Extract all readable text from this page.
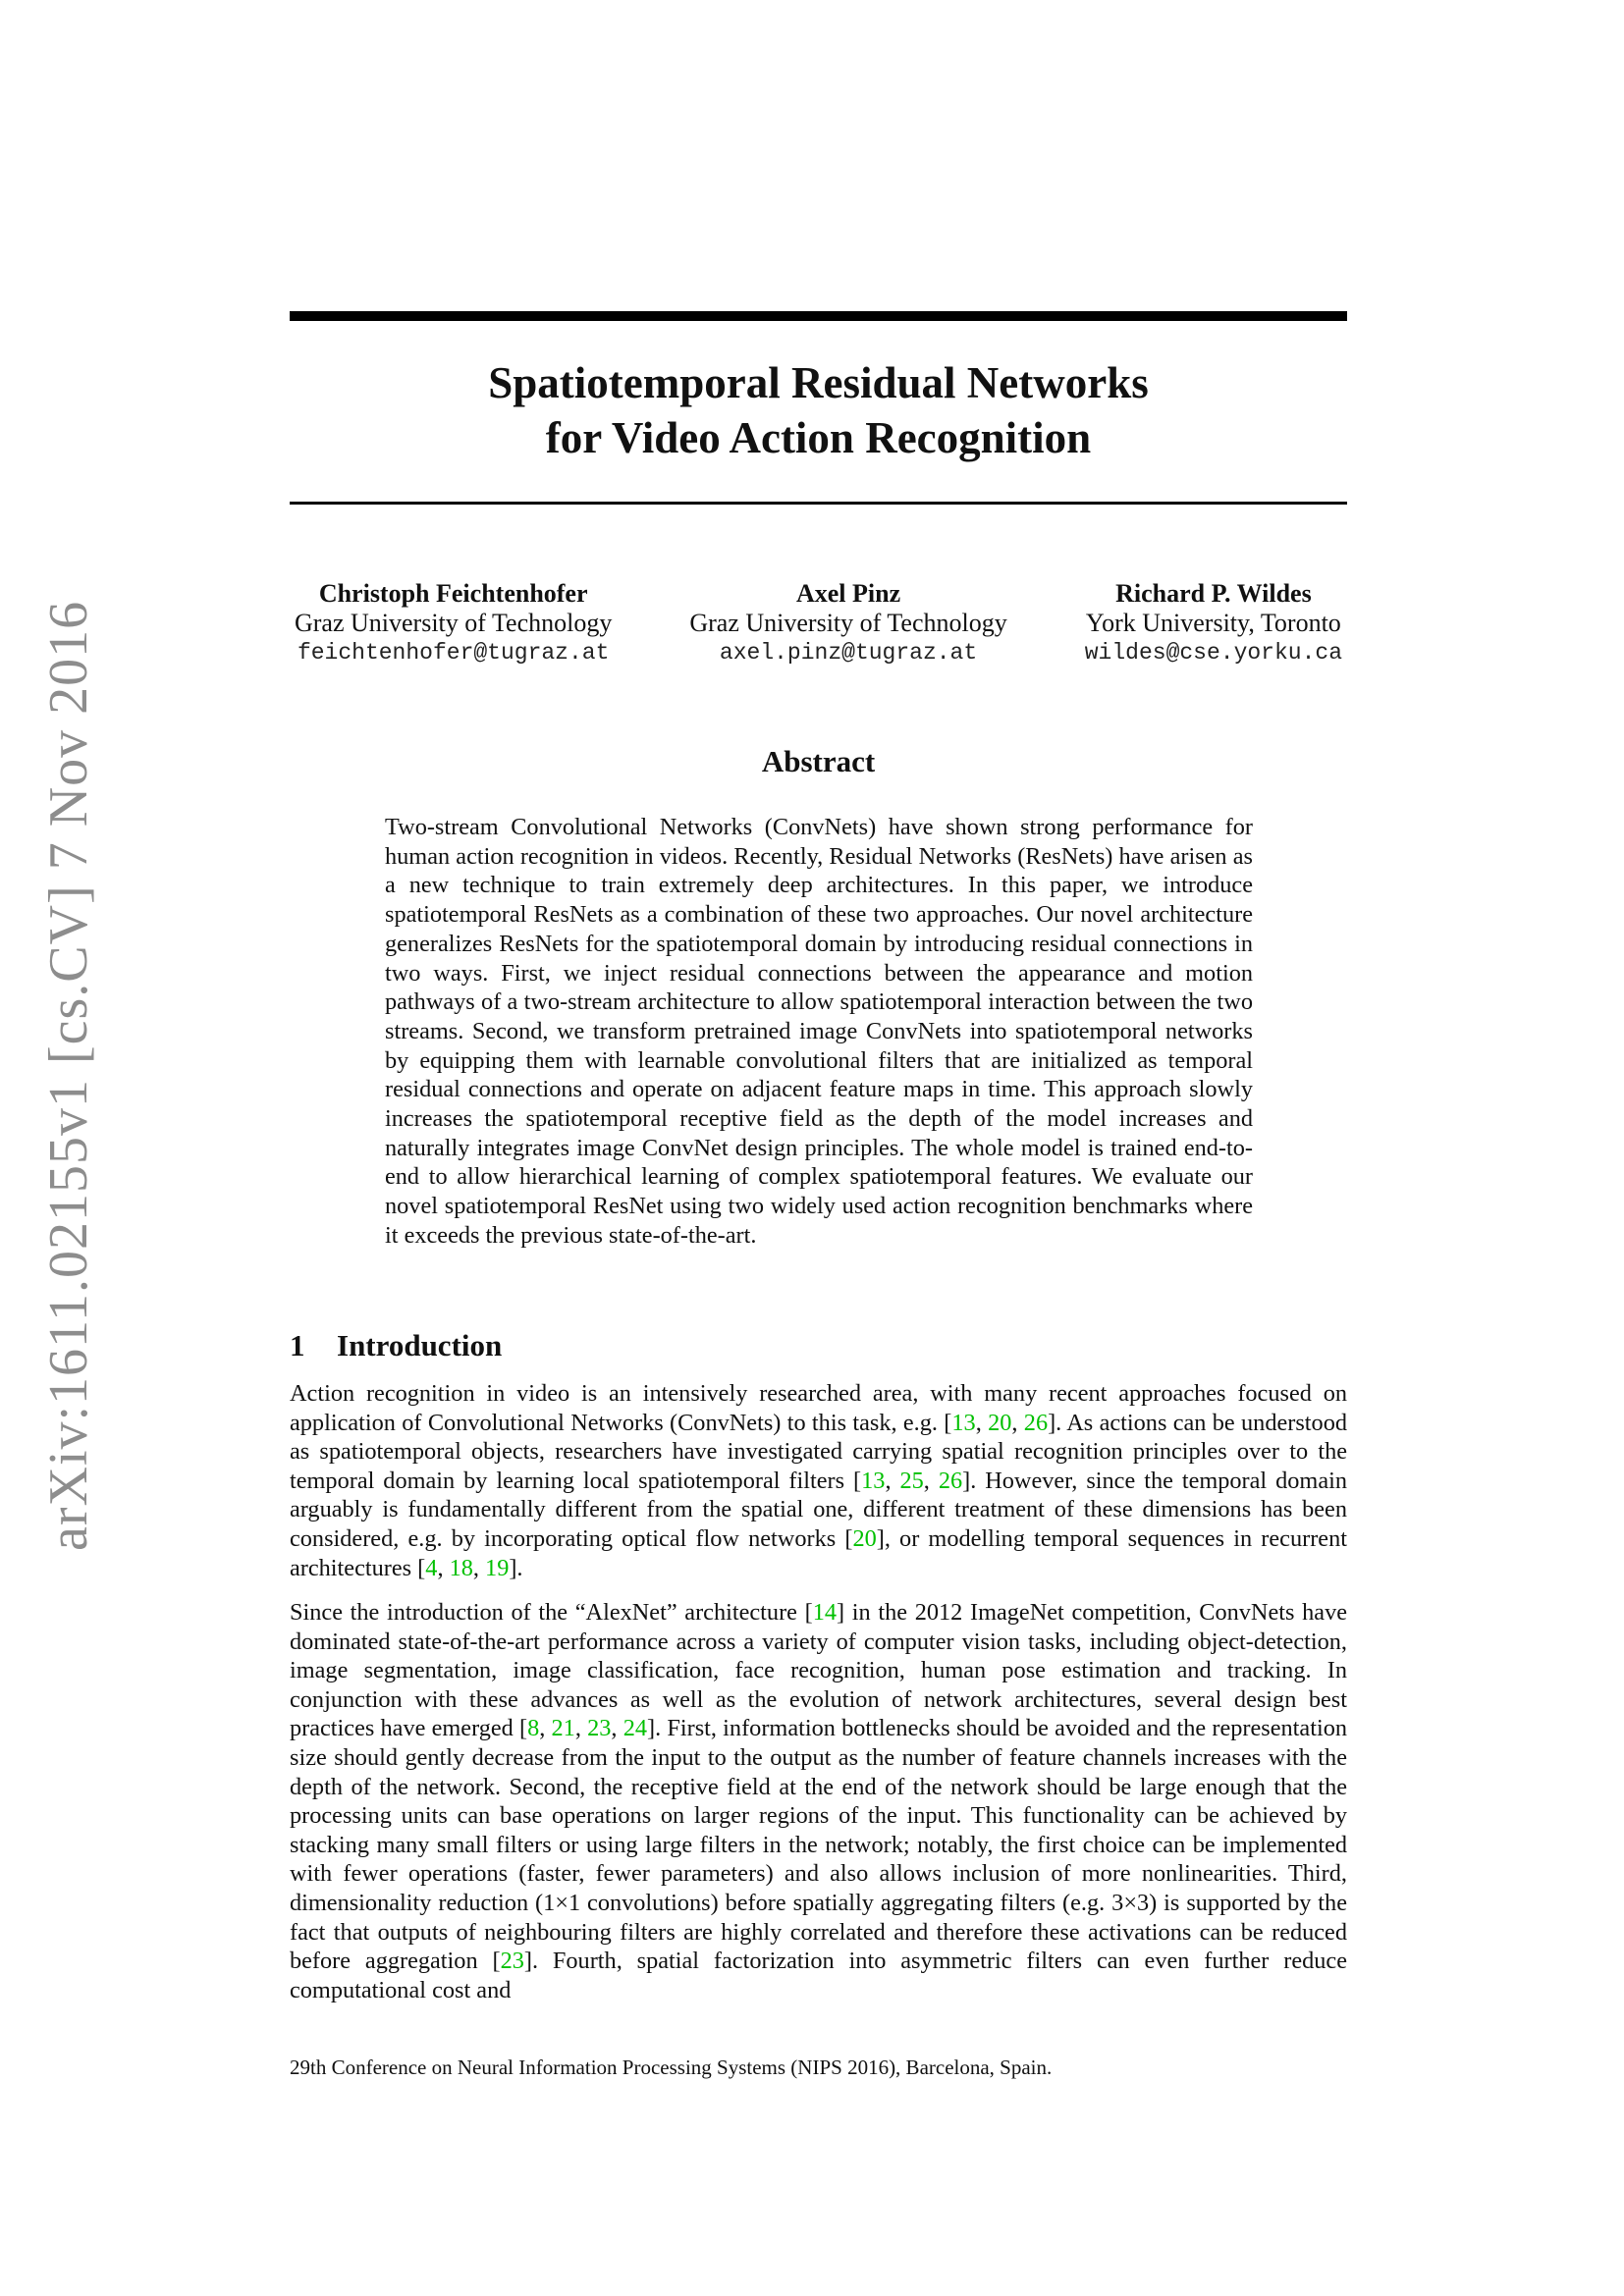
arXiv:1611.02155v1 [cs.CV] 7 Nov 2016
Spatiotemporal Residual Networks
for Video Action Recognition
Christoph Feichtenhofer
Graz University of Technology
feichtenhofer@tugraz.at
Axel Pinz
Graz University of Technology
axel.pinz@tugraz.at
Richard P. Wildes
York University, Toronto
wildes@cse.yorku.ca
Abstract
Two-stream Convolutional Networks (ConvNets) have shown strong performance for human action recognition in videos. Recently, Residual Networks (ResNets) have arisen as a new technique to train extremely deep architectures. In this paper, we introduce spatiotemporal ResNets as a combination of these two approaches. Our novel architecture generalizes ResNets for the spatiotemporal domain by introducing residual connections in two ways. First, we inject residual connections between the appearance and motion pathways of a two-stream architecture to allow spatiotemporal interaction between the two streams. Second, we transform pretrained image ConvNets into spatiotemporal networks by equipping them with learnable convolutional filters that are initialized as temporal residual connections and operate on adjacent feature maps in time. This approach slowly increases the spatiotemporal receptive field as the depth of the model increases and naturally integrates image ConvNet design principles. The whole model is trained end-to-end to allow hierarchical learning of complex spatiotemporal features. We evaluate our novel spatiotemporal ResNet using two widely used action recognition benchmarks where it exceeds the previous state-of-the-art.
1 Introduction
Action recognition in video is an intensively researched area, with many recent approaches focused on application of Convolutional Networks (ConvNets) to this task, e.g. [13, 20, 26]. As actions can be understood as spatiotemporal objects, researchers have investigated carrying spatial recognition principles over to the temporal domain by learning local spatiotemporal filters [13, 25, 26]. However, since the temporal domain arguably is fundamentally different from the spatial one, different treatment of these dimensions has been considered, e.g. by incorporating optical flow networks [20], or modelling temporal sequences in recurrent architectures [4, 18, 19].
Since the introduction of the “AlexNet” architecture [14] in the 2012 ImageNet competition, ConvNets have dominated state-of-the-art performance across a variety of computer vision tasks, including object-detection, image segmentation, image classification, face recognition, human pose estimation and tracking. In conjunction with these advances as well as the evolution of network architectures, several design best practices have emerged [8, 21, 23, 24]. First, information bottlenecks should be avoided and the representation size should gently decrease from the input to the output as the number of feature channels increases with the depth of the network. Second, the receptive field at the end of the network should be large enough that the processing units can base operations on larger regions of the input. This functionality can be achieved by stacking many small filters or using large filters in the network; notably, the first choice can be implemented with fewer operations (faster, fewer parameters) and also allows inclusion of more nonlinearities. Third, dimensionality reduction (1×1 convolutions) before spatially aggregating filters (e.g. 3×3) is supported by the fact that outputs of neighbouring filters are highly correlated and therefore these activations can be reduced before aggregation [23]. Fourth, spatial factorization into asymmetric filters can even further reduce computational cost and
29th Conference on Neural Information Processing Systems (NIPS 2016), Barcelona, Spain.
